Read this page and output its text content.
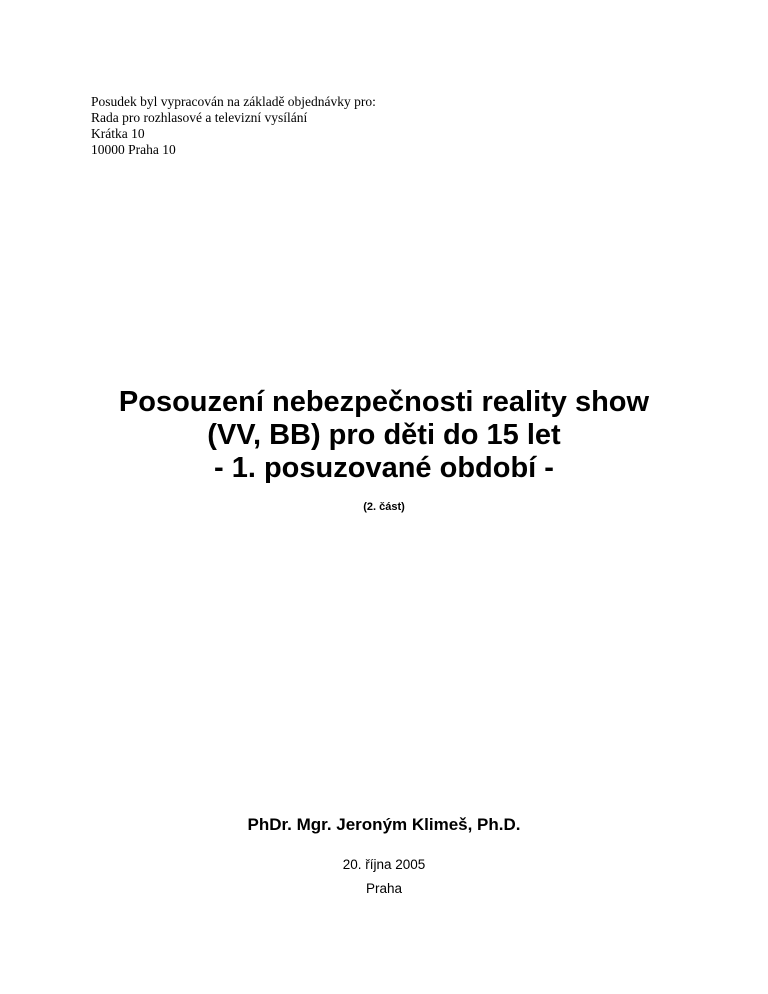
Posudek byl vypracován na základě objednávky pro:
Rada pro rozhlasové a televizní vysílání
Krátka 10
10000 Praha 10
Posouzení nebezpečnosti reality show
(VV, BB) pro děti do 15 let
- 1. posuzované období -
(2. část)
PhDr. Mgr. Jeroným Klimeš, Ph.D.
20. října 2005
Praha
